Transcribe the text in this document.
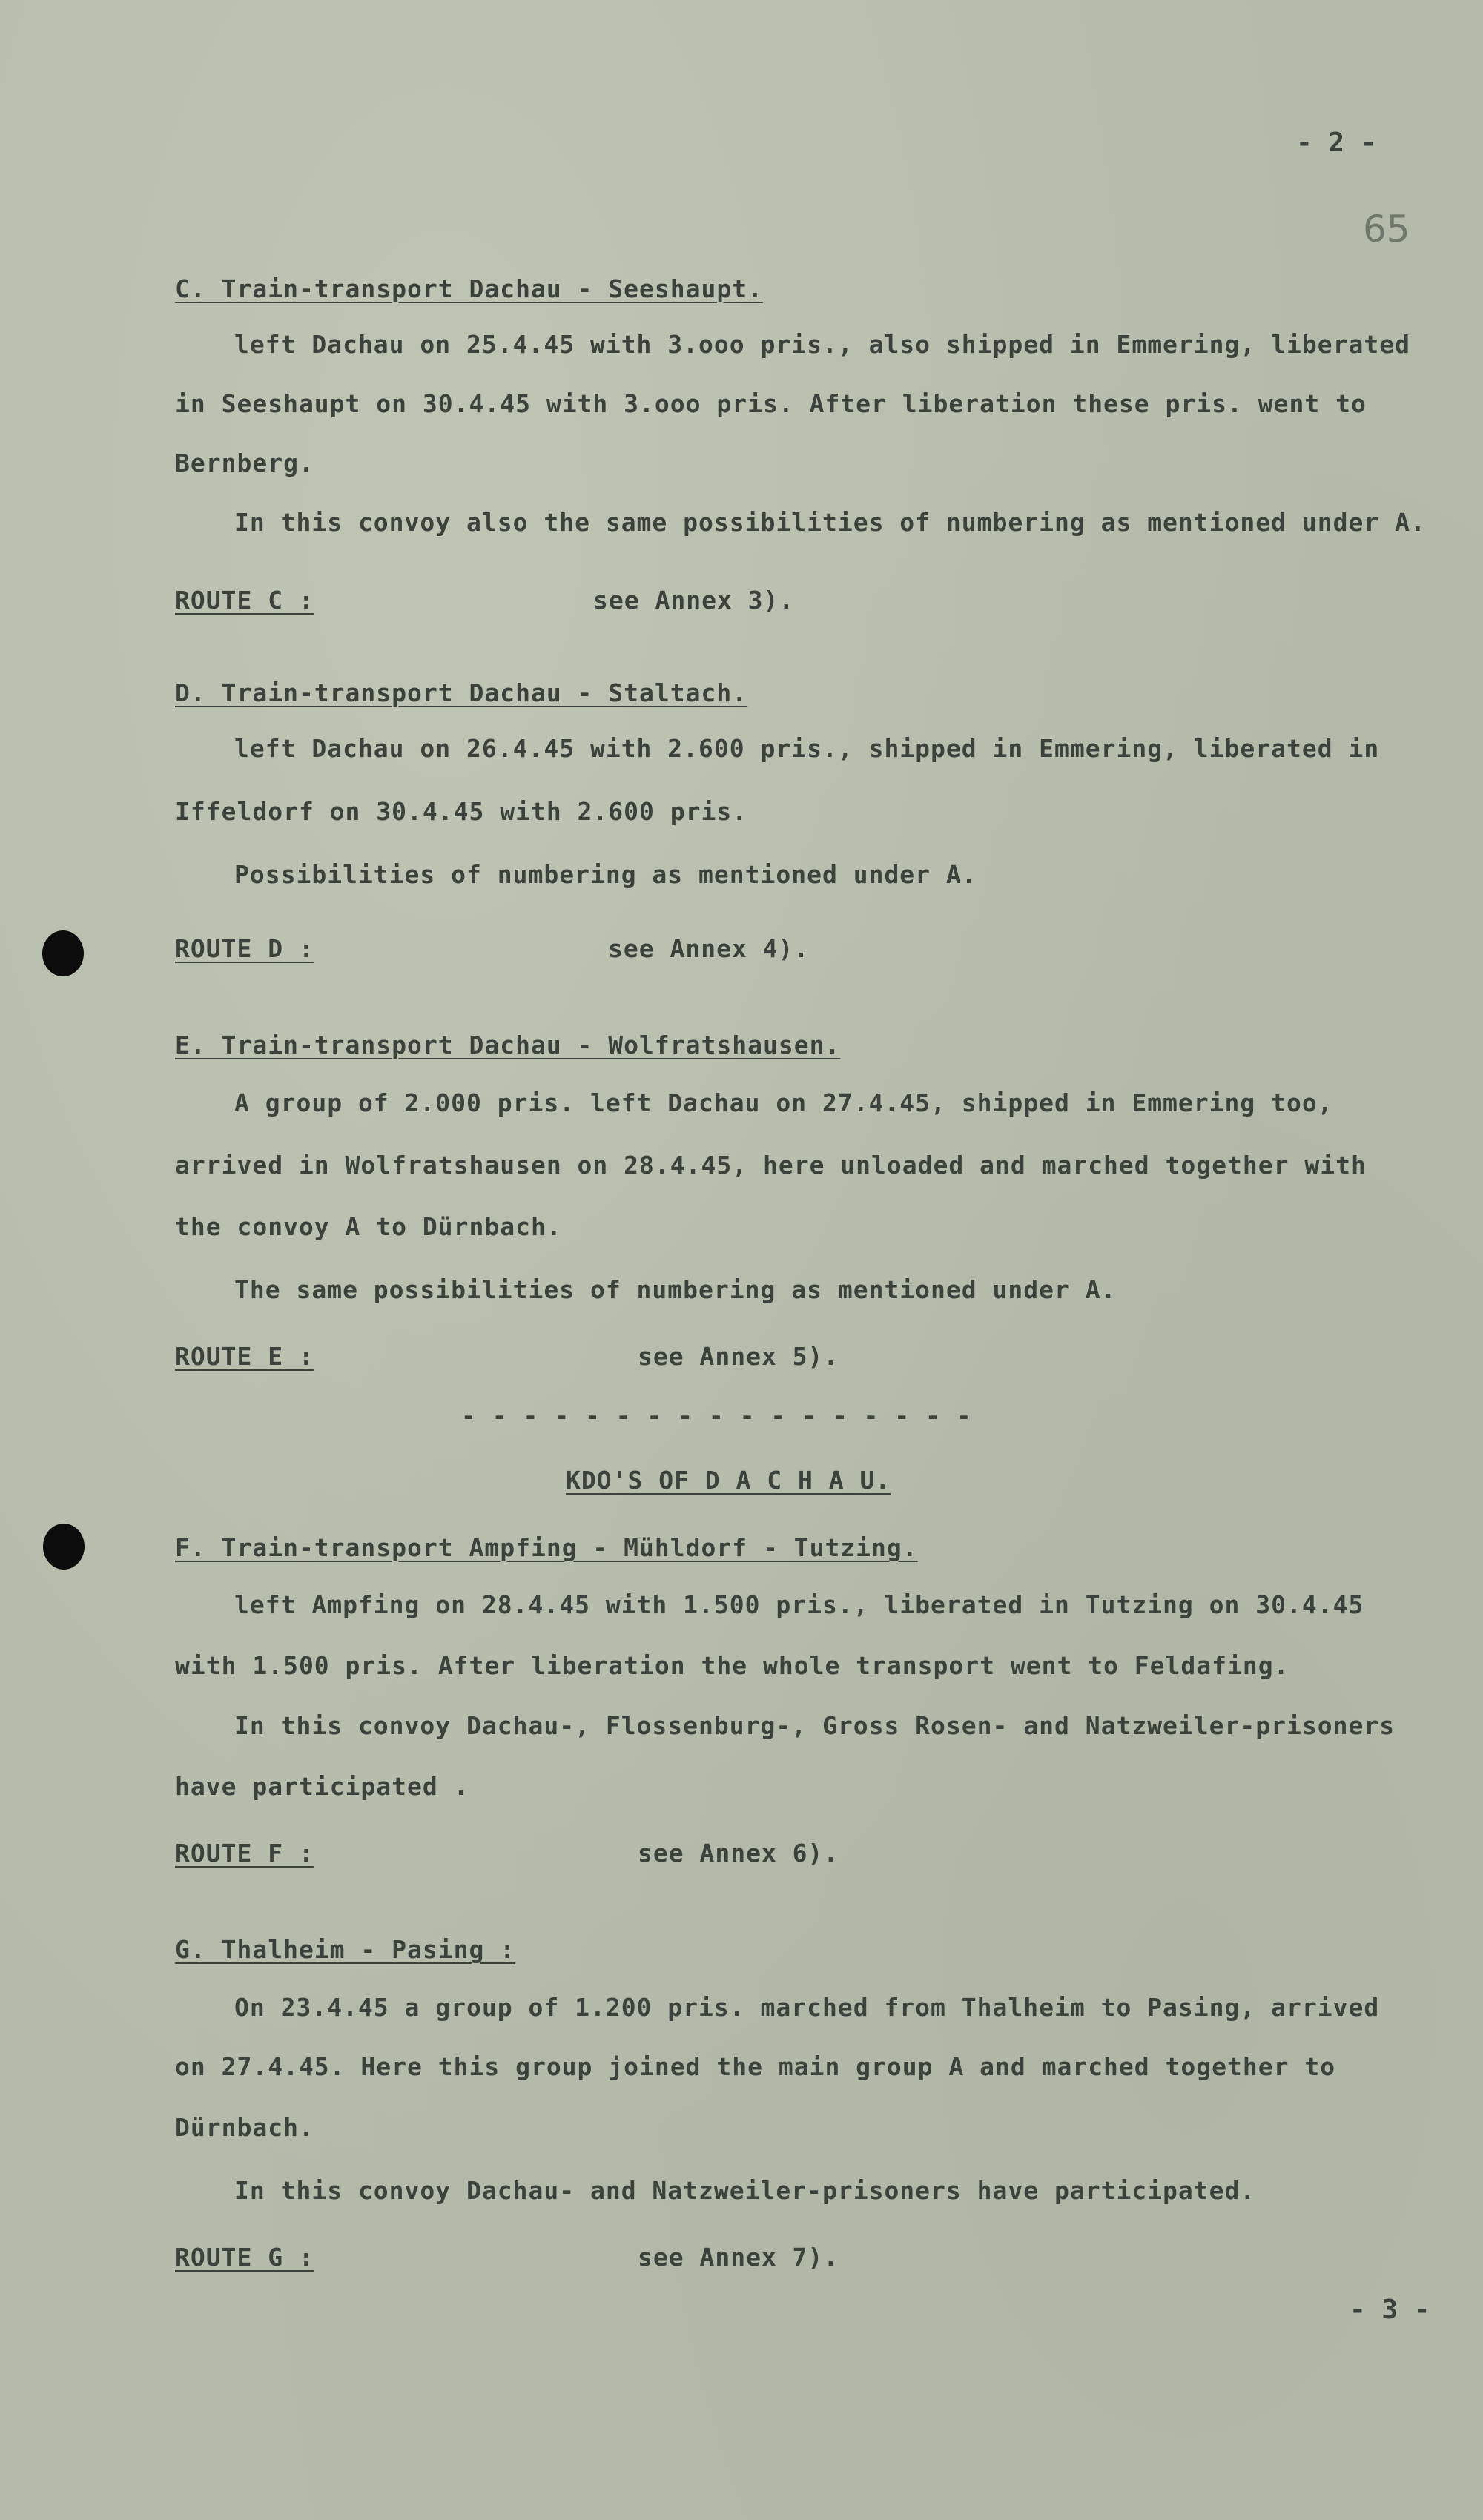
- 2 -
65
C. Train-transport Dachau - Seeshaupt.
left Dachau on 25.4.45 with 3.ooo pris., also shipped in Emmering, liberated
in Seeshaupt on 30.4.45 with 3.ooo pris. After liberation these pris. went to
Bernberg.
In this convoy also the same possibilities of numbering as mentioned under A.
ROUTE C :	see Annex 3).
D. Train-transport Dachau - Staltach.
left Dachau on 26.4.45 with 2.600 pris., shipped in Emmering, liberated in
Iffeldorf on 30.4.45 with 2.600 pris.
Possibilities of numbering as mentioned under A.
ROUTE D :	see Annex 4).
E. Train-transport Dachau - Wolfratshausen.
A group of 2.000 pris. left Dachau on 27.4.45, shipped in Emmering too,
arrived in Wolfratshausen on 28.4.45, here unloaded and marched together with
the convoy A to Dürnbach.
The same possibilities of numbering as mentioned under A.
ROUTE E :	see Annex 5).
- - - - - - - - - - - - - - - - -
KDO'S OF D A C H A U.
F. Train-transport Ampfing - Mühldorf - Tutzing.
left Ampfing on 28.4.45 with 1.500 pris., liberated in Tutzing on 30.4.45
with 1.500 pris. After liberation the whole transport went to Feldafing.
In this convoy Dachau-, Flossenburg-, Gross Rosen- and Natzweiler-prisoners
have participated .
ROUTE F :	see Annex 6).
G. Thalheim - Pasing :
On 23.4.45 a group of 1.200 pris. marched from Thalheim to Pasing, arrived
on 27.4.45. Here this group joined the main group A and marched together to
Dürnbach.
In this convoy Dachau- and Natzweiler-prisoners have participated.
ROUTE G :	see Annex 7).
- 3 -
